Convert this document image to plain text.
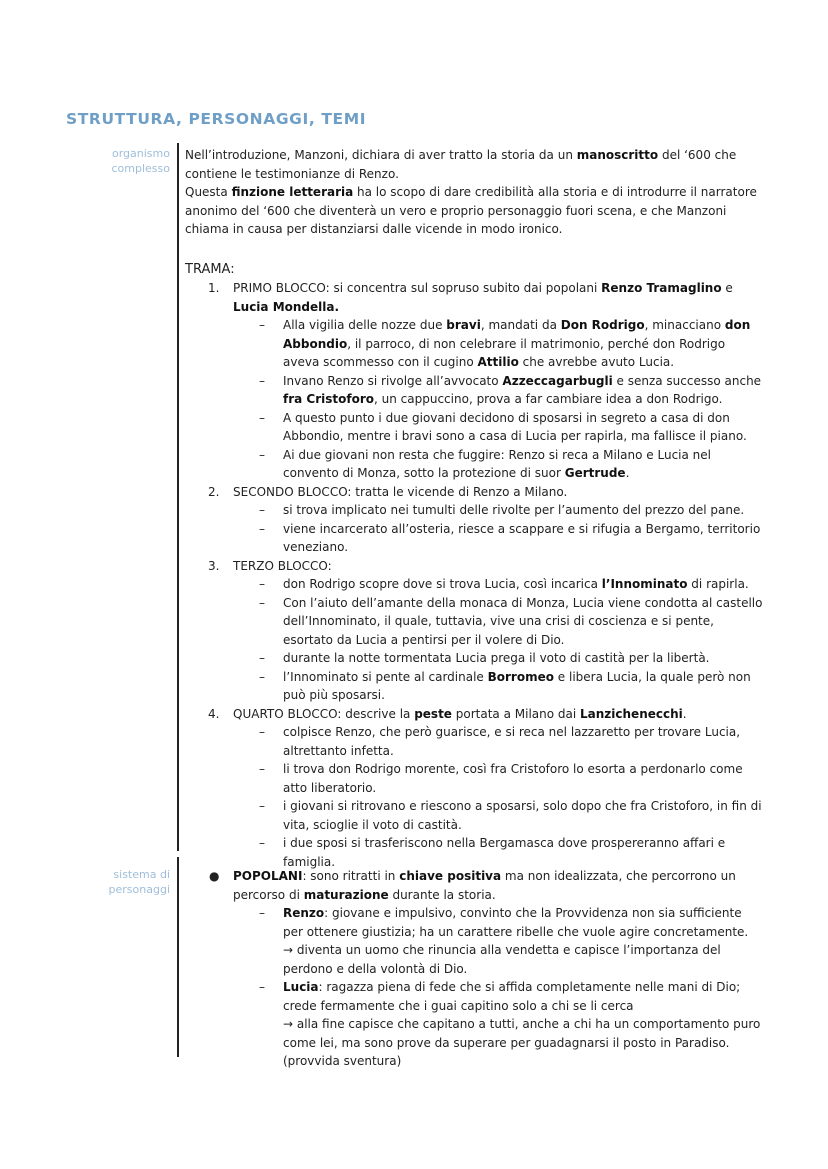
STRUTTURA, PERSONAGGI, TEMI
organismo
complesso

Nell’introduzione, Manzoni, dichiara di aver tratto la storia da un manoscritto del ‘600 che contiene le testimonianze di Renzo.

Questa finzione letteraria ha lo scopo di dare credibilità alla storia e di introdurre il narratore anonimo del ‘600 che diventerà un vero e proprio personaggio fuori scena, e che Manzoni chiama in causa per distanziarsi dalle vicende in modo ironico.

TRAMA:
1. PRIMO BLOCCO: si concentra sul sopruso subito dai popolani Renzo Tramaglino e Lucia Mondella.
– Alla vigilia delle nozze due bravi, mandati da Don Rodrigo, minacciano don Abbondio, il parroco, di non celebrare il matrimonio, perché don Rodrigo aveva scommesso con il cugino Attilio che avrebbe avuto Lucia.
– Invano Renzo si rivolge all’avvocato Azzeccagarbugli e senza successo anche fra Cristoforo, un cappuccino, prova a far cambiare idea a don Rodrigo.
– A questo punto i due giovani decidono di sposarsi in segreto a casa di don Abbondio, mentre i bravi sono a casa di Lucia per rapirla, ma fallisce il piano.
– Ai due giovani non resta che fuggire: Renzo si reca a Milano e Lucia nel convento di Monza, sotto la protezione di suor Gertrude.
2. SECONDO BLOCCO: tratta le vicende di Renzo a Milano.
– si trova implicato nei tumulti delle rivolte per l’aumento del prezzo del pane.
– viene incarcerato all’osteria, riesce a scappare e si rifugia a Bergamo, territorio veneziano.
3. TERZO BLOCCO:
– don Rodrigo scopre dove si trova Lucia, così incarica l’Innominato di rapirla.
– Con l’aiuto dell’amante della monaca di Monza, Lucia viene condotta al castello dell’Innominato, il quale, tuttavia, vive una crisi di coscienza e si pente, esortato da Lucia a pentirsi per il volere di Dio.
– durante la notte tormentata Lucia prega il voto di castità per la libertà.
– l’Innominato si pente al cardinale Borromeo e libera Lucia, la quale però non può più sposarsi.
4. QUARTO BLOCCO: descrive la peste portata a Milano dai Lanzichenecchi.
– colpisce Renzo, che però guarisce, e si reca nel lazzaretto per trovare Lucia, altrettanto infetta.
– li trova don Rodrigo morente, così fra Cristoforo lo esorta a perdonarlo come atto liberatorio.
– i giovani si ritrovano e riescono a sposarsi, solo dopo che fra Cristoforo, in fin di vita, scioglie il voto di castità.
– i due sposi si trasferiscono nella Bergamasca dove prospereranno affari e famiglia.
sistema di
personaggi
● POPOLANI: sono ritratti in chiave positiva ma non idealizzata, che percorrono un percorso di maturazione durante la storia.
– Renzo: giovane e impulsivo, convinto che la Provvidenza non sia sufficiente per ottenere giustizia; ha un carattere ribelle che vuole agire concretamente.
→ diventa un uomo che rinuncia alla vendetta e capisce l’importanza del perdono e della volontà di Dio.
– Lucia: ragazza piena di fede che si affida completamente nelle mani di Dio; crede fermamente che i guai capitino solo a chi se li cerca
→ alla fine capisce che capitano a tutti, anche a chi ha un comportamento puro come lei, ma sono prove da superare per guadagnarsi il posto in Paradiso. (provvida sventura)
